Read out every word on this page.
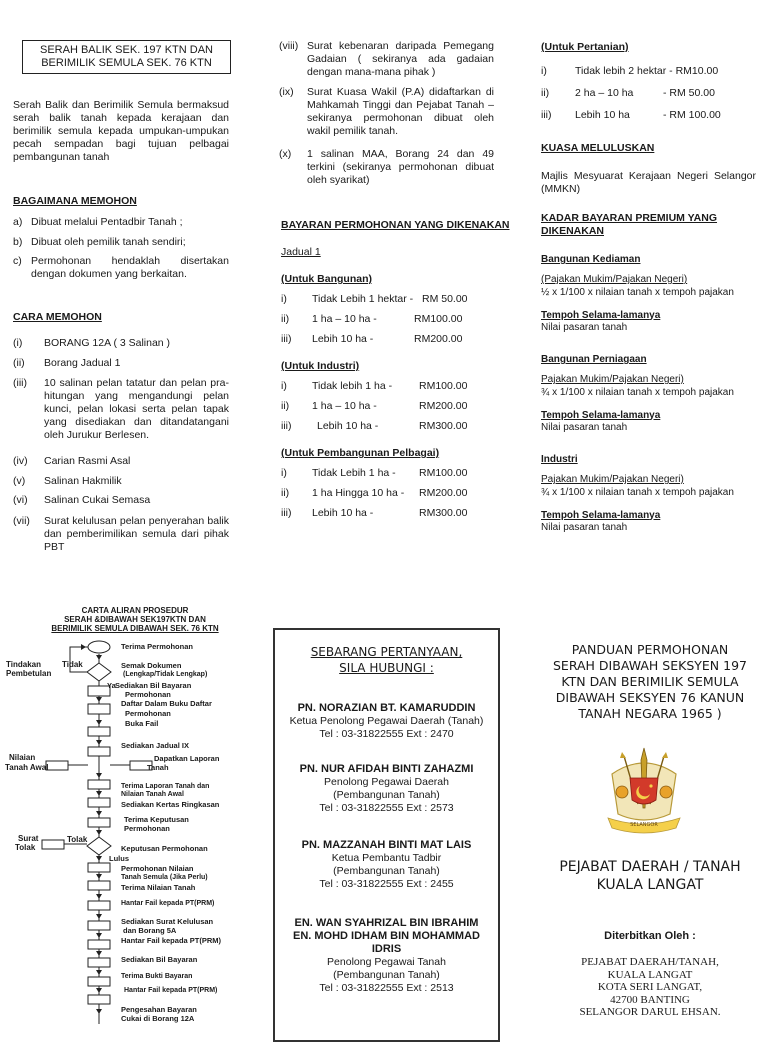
SERAH BALIK SEK. 197 KTN DAN
BERIMILIK SEMULA SEK. 76 KTN
Serah Balik dan Berimilik Semula bermaksud serah balik tanah kepada kerajaan dan berimilik semula kepada umpukan-umpukan pecah sempadan bagi tujuan pelbagai pembangunan tanah
BAGAIMANA MEMOHON
a) Dibuat melalui Pentadbir Tanah ;
b) Dibuat oleh pemilik tanah sendiri;
c) Permohonan hendaklah disertakan dengan dokumen yang berkaitan.
CARA MEMOHON
(i)	BORANG 12A ( 3 Salinan )
(ii)	Borang Jadual 1
(iii)	10 salinan pelan tatatur dan pelan pra-hitungan yang mengandungi pelan kunci, pelan lokasi serta pelan tapak yang disediakan dan ditandatangani oleh Jurukur Berlesen.
(iv)	Carian Rasmi Asal
(v)	Salinan Hakmilik
(vi)	Salinan Cukai Semasa
(vii)	Surat kelulusan pelan penyerahan balik dan pemberimilikan semula dari pihak PBT
(viii) Surat kebenaran daripada Pemegang Gadaian ( sekiranya ada gadaian dengan mana-mana pihak )
(ix)	Surat Kuasa Wakil (P.A) didaftarkan di Mahkamah Tinggi dan Pejabat Tanah – sekiranya permohonan dibuat oleh wakil pemilik tanah.
(x)	1 salinan MAA, Borang 24 dan 49 terkini (sekiranya permohonan dibuat oleh syarikat)
BAYARAN PERMOHONAN YANG DIKENAKAN
Jadual 1
(Untuk Bangunan)
i)	Tidak Lebih 1 hektar - RM 50.00
ii)	1 ha – 10 ha -	RM100.00
iii)	Lebih 10 ha -	RM200.00
(Untuk Industri)
i)	Tidak lebih 1 ha -	RM100.00
ii)	1 ha – 10 ha -	RM200.00
iii)	Lebih 10 ha -	RM300.00
(Untuk Pembangunan Pelbagai)
i)	Tidak Lebih 1 ha - RM100.00
ii)	1 ha Hingga 10 ha - RM200.00
iii)	Lebih 10 ha -	RM300.00
(Untuk Pertanian)
i)	Tidak lebih 2 hektar - RM10.00
ii)	2 ha – 10 ha	- RM 50.00
iii)	Lebih 10 ha	- RM 100.00
KUASA MELULUSKAN
Majlis Mesyuarat Kerajaan Negeri Selangor (MMKN)
KADAR BAYARAN PREMIUM YANG DIKENAKAN
Bangunan Kediaman
(Pajakan Mukim/Pajakan Negeri)
½ x 1/100 x nilaian tanah x tempoh pajakan
Tempoh Selama-lamanya
Nilai pasaran tanah
Bangunan Perniagaan
Pajakan Mukim/Pajakan Negeri)
¾ x 1/100 x nilaian tanah x tempoh pajakan
Tempoh Selama-lamanya
Nilai pasaran tanah
Industri
Pajakan Mukim/Pajakan Negeri)
¾ x 1/100 x nilaian tanah x tempoh pajakan
Tempoh Selama-lamanya
Nilai pasaran tanah
CARTA ALIRAN PROSEDUR
SERAH &DIBAWAH SEK197KTN DAN
BERIMILIK SEMULA DIBAWAH SEK. 76 KTN
Terima Permohonan
Semak Dokumen
(Lengkap/Tidak Lengkap)
Tindakan
Pembetulan
Tidak
Ya Sediakan Bil Bayaran
Permohonan
Daftar Dalam Buku Daftar
Permohonan
Buka Fail
Sediakan Jadual IX
Nilaian
Tanah Awal
Dapatkan Laporan
Tanah
Terima Laporan Tanah dan
Nilaian Tanah Awal
Sediakan Kertas Ringkasan
Terima Keputusan
Permohonan
Surat
Tolak
Tolak
Keputusan Permohonan
Lulus
Permohonan Nilaian
Tanah Semula (Jika Perlu)
Terima Nilaian Tanah
Hantar Fail kepada PT(PRM)
Sediakan Surat Kelulusan
dan Borang 5A
Hantar Fail kepada PT(PRM)
Sediakan Bil Bayaran
Terima Bukti Bayaran
Hantar Fail kepada PT(PRM)
Pengesahan Bayaran
Cukai di Borang 12A
SEBARANG PERTANYAAN,
SILA HUBUNGI :
PN. NORAZIAN BT. KAMARUDDIN
Ketua Penolong Pegawai Daerah (Tanah)
Tel : 03-31822555 Ext : 2470
PN. NUR AFIDAH BINTI ZAHAZMI
Penolong Pegawai Daerah
(Pembangunan Tanah)
Tel : 03-31822555 Ext : 2573
PN. MAZZANAH BINTI MAT LAIS
Ketua Pembantu Tadbir
(Pembangunan Tanah)
Tel : 03-31822555 Ext : 2455
EN. WAN SYAHRIZAL BIN IBRAHIM
EN. MOHD IDHAM BIN MOHAMMAD
IDRIS
Penolong Pegawai Tanah
(Pembangunan Tanah)
Tel : 03-31822555 Ext : 2513
PANDUAN PERMOHONAN
SERAH DIBAWAH SEKSYEN 197
KTN DAN BERIMILIK SEMULA
DIBAWAH SEKSYEN 76 KANUN
TANAH NEGARA 1965 )
SELANGOR
PEJABAT DAERAH / TANAH
KUALA LANGAT
Diterbitkan Oleh :
PEJABAT DAERAH/TANAH,
KUALA LANGAT
KOTA SERI LANGAT,
42700 BANTING
SELANGOR DARUL EHSAN.
